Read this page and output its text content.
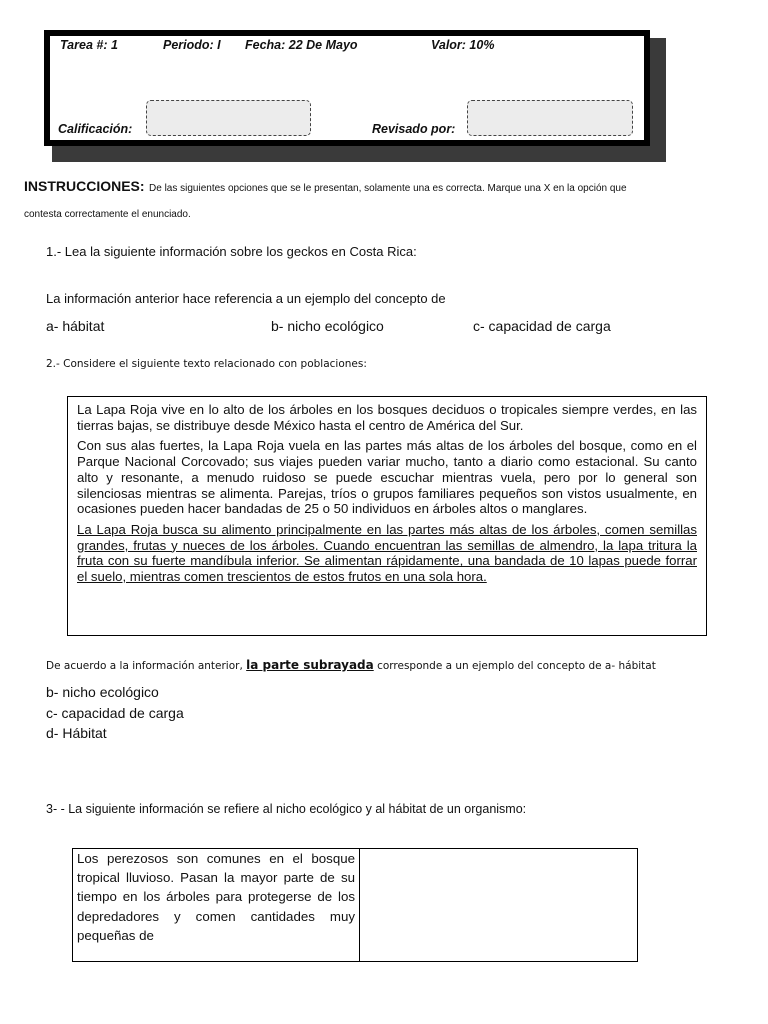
Tarea #: 1	Periodo: I Fecha: 22 De Mayo	Valor: 10%
Calificación:	Revisado por:
INSTRUCCIONES: De las siguientes opciones que se le presentan, solamente una es correcta. Marque una X en la opción que
contesta correctamente el enunciado.
1.- Lea la siguiente información sobre los geckos en Costa Rica:
La información anterior hace referencia a un ejemplo del concepto de
a- hábitat	b- nicho ecológico	c- capacidad de carga
2.- Considere el siguiente texto relacionado con poblaciones:

La Lapa Roja vive en lo alto de los árboles en los bosques deciduos o tropicales siempre verdes, en las tierras bajas, se distribuye desde México hasta el centro de América del Sur.

Con sus alas fuertes, la Lapa Roja vuela en las partes más altas de los árboles del bosque, como en el Parque Nacional Corcovado; sus viajes pueden variar mucho, tanto a diario como estacional. Su canto alto y resonante, a menudo ruidoso se puede escuchar mientras vuela, pero por lo general son silenciosas mientras se alimenta. Parejas, tríos o grupos familiares pequeños son vistos usualmente, en ocasiones pueden hacer bandadas de 25 o 50 individuos en árboles altos o manglares.

La Lapa Roja busca su alimento principalmente en las partes más altas de los árboles, comen semillas grandes, frutas y nueces de los árboles. Cuando encuentran las semillas de almendro, la lapa tritura la fruta con su fuerte mandíbula inferior. Se alimentan rápidamente, una bandada de 10 lapas puede forrar el suelo, mientras comen trescientos de estos frutos en una sola hora.

De acuerdo a la información anterior, la parte subrayada corresponde a un ejemplo del concepto de a- hábitat
b- nicho ecológico
c- capacidad de carga
d- Hábitat
3- - La siguiente información se refiere al nicho ecológico y al hábitat de un organismo:
Los perezosos son comunes en el bosque tropical lluvioso. Pasan la mayor parte de su tiempo en los árboles para protegerse de los depredadores y comen cantidades muy pequeñas de
